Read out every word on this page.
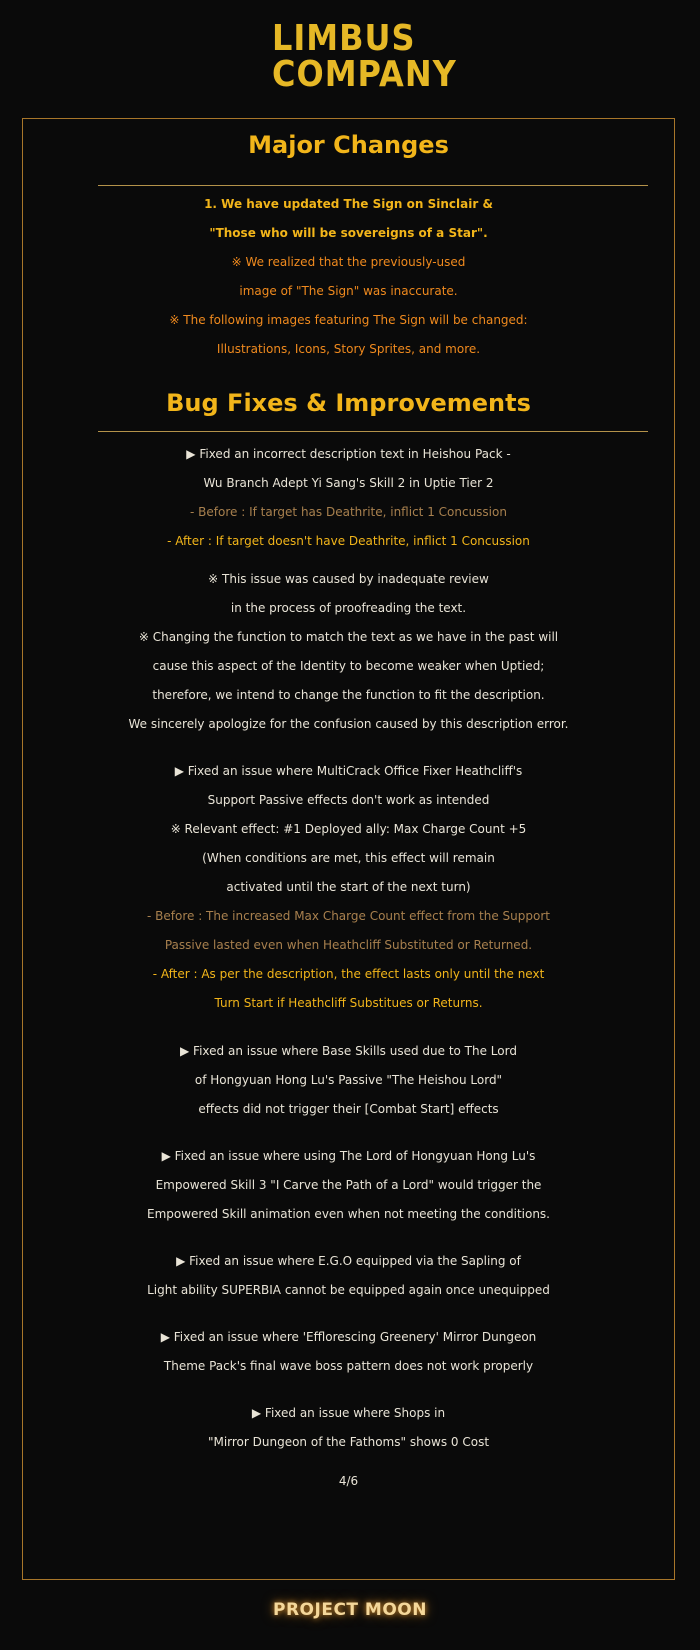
LIMBUS
COMPANY
Major Changes
1. We have updated The Sign on Sinclair &
"Those who will be sovereigns of a Star".
※ We realized that the previously-used
image of "The Sign" was inaccurate.
※ The following images featuring The Sign will be changed:
Illustrations, Icons, Story Sprites, and more.
Bug Fixes & Improvements
▶ Fixed an incorrect description text in Heishou Pack -
Wu Branch Adept Yi Sang's Skill 2 in Uptie Tier 2
- Before : If target has Deathrite, inflict 1 Concussion
- After : If target doesn't have Deathrite, inflict 1 Concussion
※ This issue was caused by inadequate review
in the process of proofreading the text.
※ Changing the function to match the text as we have in the past will
cause this aspect of the Identity to become weaker when Uptied;
therefore, we intend to change the function to fit the description.
We sincerely apologize for the confusion caused by this description error.
▶ Fixed an issue where MultiCrack Office Fixer Heathcliff's
Support Passive effects don't work as intended
※ Relevant effect: #1 Deployed ally: Max Charge Count +5
(When conditions are met, this effect will remain
activated until the start of the next turn)
- Before : The increased Max Charge Count effect from the Support
Passive lasted even when Heathcliff Substituted or Returned.
- After : As per the description, the effect lasts only until the next
Turn Start if Heathcliff Substitues or Returns.
▶ Fixed an issue where Base Skills used due to The Lord
of Hongyuan Hong Lu's Passive "The Heishou Lord"
effects did not trigger their [Combat Start] effects
▶ Fixed an issue where using The Lord of Hongyuan Hong Lu's
Empowered Skill 3 "I Carve the Path of a Lord" would trigger the
Empowered Skill animation even when not meeting the conditions.
▶ Fixed an issue where E.G.O equipped via the Sapling of
Light ability SUPERBIA cannot be equipped again once unequipped
▶ Fixed an issue where 'Efflorescing Greenery' Mirror Dungeon
Theme Pack's final wave boss pattern does not work properly
▶ Fixed an issue where Shops in
"Mirror Dungeon of the Fathoms" shows 0 Cost
4/6
PROJECT MOON
